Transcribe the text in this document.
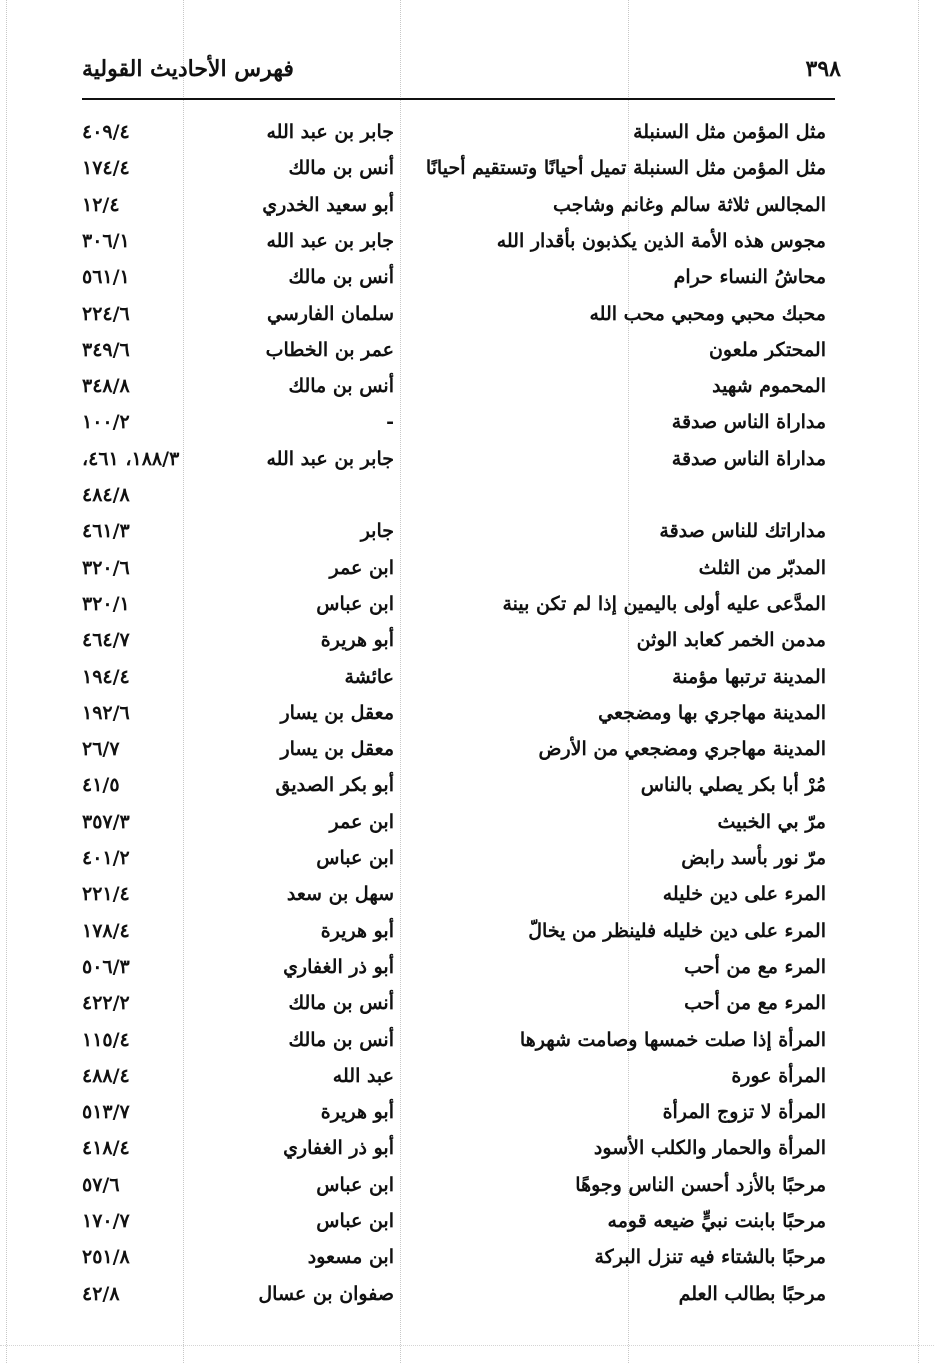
فهرس الأحاديث القولية	٣٩٨
مثل المؤمن مثل السنبلة
جابر بن عبد الله
٤٠٩/٤
مثل المؤمن مثل السنبلة تميل أحيانًا وتستقيم أحيانًا
أنس بن مالك
١٧٤/٤
المجالس ثلاثة سالم وغانم وشاجب
أبو سعيد الخدري
١٢/٤
مجوس هذه الأمة الذين يكذبون بأقدار الله
جابر بن عبد الله
٣٠٦/١
محاشُ النساء حرام
أنس بن مالك
٥٦١/١
محبك محبي ومحبي محب الله
سلمان الفارسي
٢٢٤/٦
المحتكر ملعون
عمر بن الخطاب
٣٤٩/٦
المحموم شهيد
أنس بن مالك
٣٤٨/٨
مداراة الناس صدقة
-
١٠٠/٢
مداراة الناس صدقة
جابر بن عبد الله
١٨٨/٣، ٤٦١،
٤٨٤/٨
مداراتك للناس صدقة
جابر
٤٦١/٣
المدبّر من الثلث
ابن عمر
٣٢٠/٦
المدَّعى عليه أولى باليمين إذا لم تكن بينة
ابن عباس
٣٢٠/١
مدمن الخمر كعابد الوثن
أبو هريرة
٤٦٤/٧
المدينة ترتبها مؤمنة
عائشة
١٩٤/٤
المدينة مهاجري بها ومضجعي
معقل بن يسار
١٩٢/٦
المدينة مهاجري ومضجعي من الأرض
معقل بن يسار
٢٦/٧
مُرْ أبا بكر يصلي بالناس
أبو بكر الصديق
٤١/٥
مرّ بي الخبيث
ابن عمر
٣٥٧/٣
مرّ نور بأسد رابض
ابن عباس
٤٠١/٢
المرء على دين خليله
سهل بن سعد
٢٢١/٤
المرء على دين خليله فلينظر من يخالّ
أبو هريرة
١٧٨/٤
المرء مع من أحب
أبو ذر الغفاري
٥٠٦/٣
المرء مع من أحب
أنس بن مالك
٤٢٢/٢
المرأة إذا صلت خمسها وصامت شهرها
أنس بن مالك
١١٥/٤
المرأة عورة
عبد الله
٤٨٨/٤
المرأة لا تزوج المرأة
أبو هريرة
٥١٣/٧
المرأة والحمار والكلب الأسود
أبو ذر الغفاري
٤١٨/٤
مرحبًا بالأزد أحسن الناس وجوهًا
ابن عباس
٥٧/٦
مرحبًا بابنت نبيٍّ ضيعه قومه
ابن عباس
١٧٠/٧
مرحبًا بالشتاء فيه تنزل البركة
ابن مسعود
٢٥١/٨
مرحبًا بطالب العلم
صفوان بن عسال
٤٢/٨
